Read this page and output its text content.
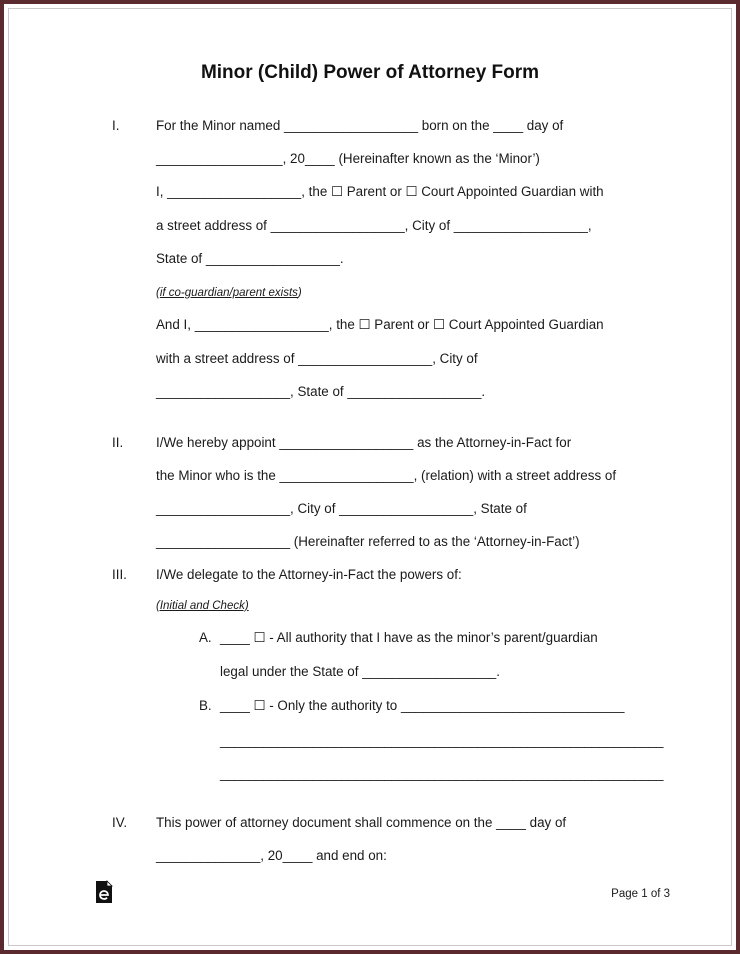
Minor (Child) Power of Attorney Form
I.	For the Minor named __________________ born on the ____ day of
_________________, 20____ (Hereinafter known as the ‘Minor’)
I, __________________, the ☐ Parent or ☐ Court Appointed Guardian with
a street address of __________________, City of __________________,
State of __________________.
(if co-guardian/parent exists)
And I, __________________, the ☐ Parent or ☐ Court Appointed Guardian
with a street address of __________________, City of
__________________, State of __________________.
II. I/We hereby appoint __________________ as the Attorney-in-Fact for
the Minor who is the __________________, (relation) with a street address of
__________________, City of __________________, State of
__________________ (Hereinafter referred to as the ‘Attorney-in-Fact’)
III. I/We delegate to the Attorney-in-Fact the powers of:
(Initial and Check)
A. ____ ☐ - All authority that I have as the minor’s parent/guardian
legal under the State of __________________.
B. ____ ☐ - Only the authority to ______________________________
______________________________________________________________
______________________________________________________________
IV. This power of attorney document shall commence on the ____ day of
______________, 20____ and end on:
Page 1 of 3
